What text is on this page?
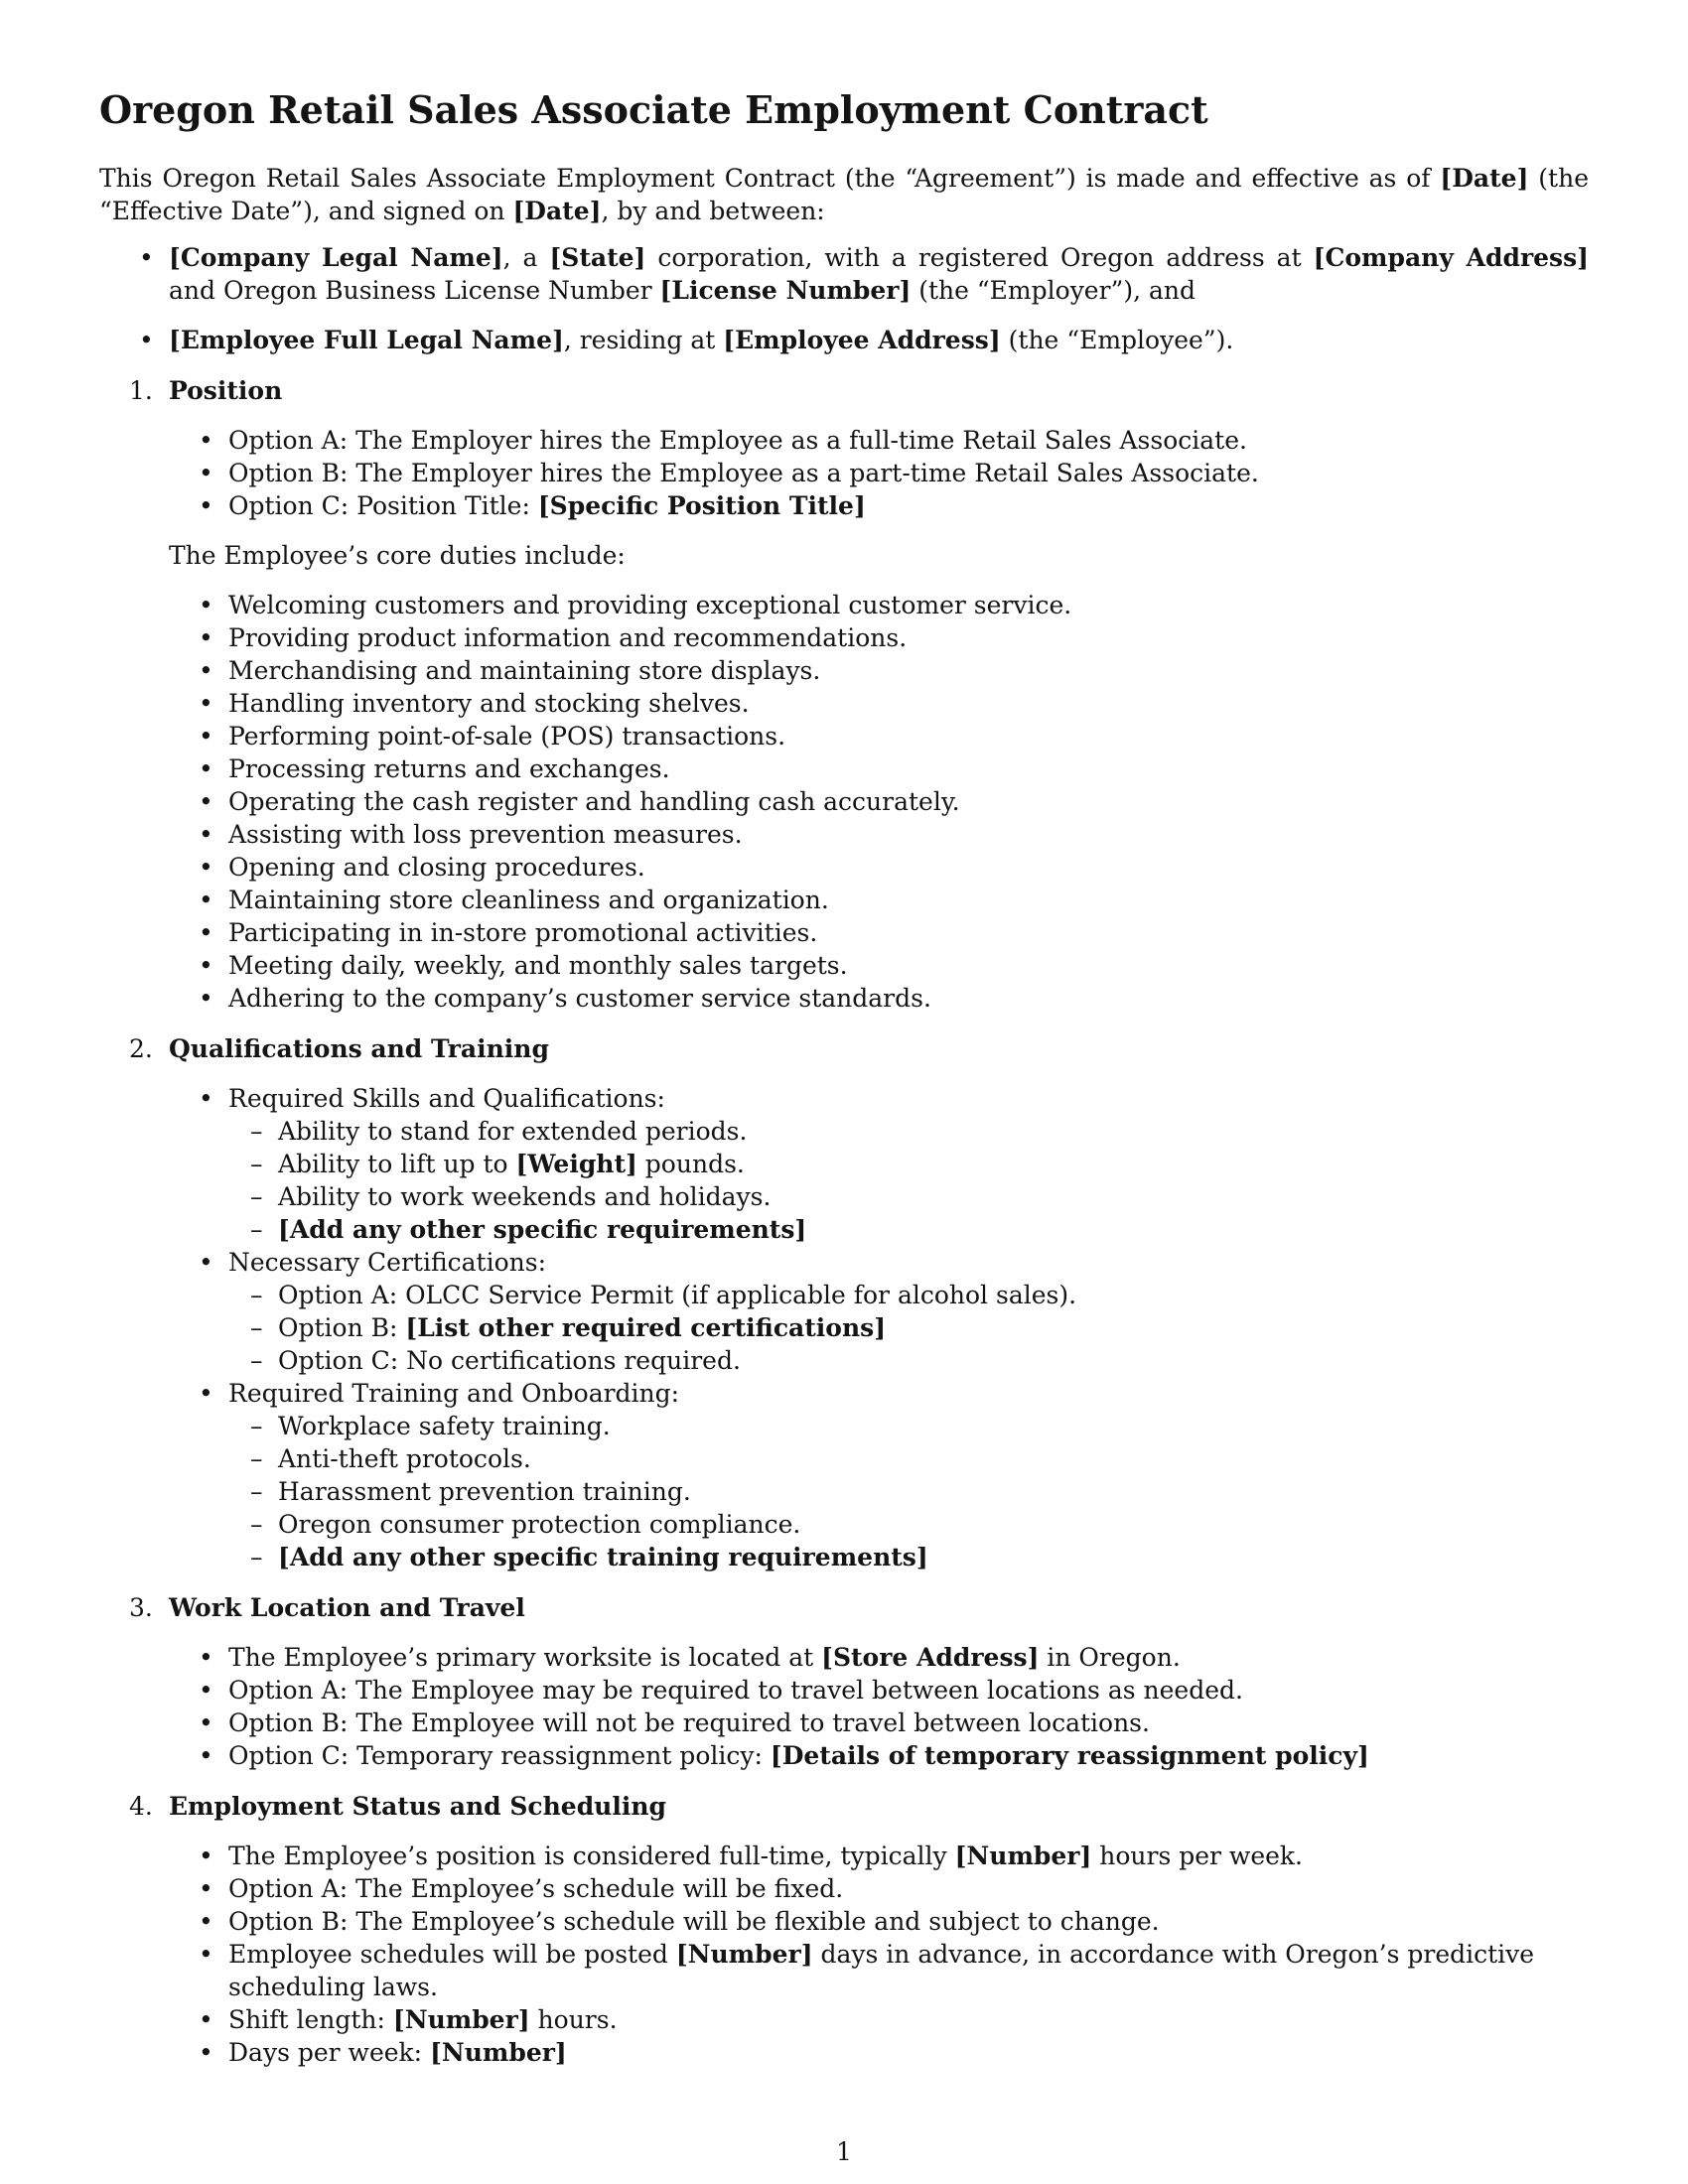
Oregon Retail Sales Associate Employment Contract

This Oregon Retail Sales Associate Employment Contract (the “Agreement”) is made and effective as of [Date] (the “Effective Date”), and signed on [Date], by and between:

• [Company Legal Name], a [State] corporation, with a registered Oregon address at [Company Address] and Oregon Business License Number [License Number] (the “Employer”), and
• [Employee Full Legal Name], residing at [Employee Address] (the “Employee”).
1. Position
• Option A: The Employer hires the Employee as a full-time Retail Sales Associate.
• Option B: The Employer hires the Employee as a part-time Retail Sales Associate.
• Option C: Position Title: [Specific Position Title]

The Employee’s core duties include:

• Welcoming customers and providing exceptional customer service.
• Providing product information and recommendations.
• Merchandising and maintaining store displays.
• Handling inventory and stocking shelves.
• Performing point-of-sale (POS) transactions.
• Processing returns and exchanges.
• Operating the cash register and handling cash accurately.
• Assisting with loss prevention measures.
• Opening and closing procedures.
• Maintaining store cleanliness and organization.
• Participating in in-store promotional activities.
• Meeting daily, weekly, and monthly sales targets.
• Adhering to the company’s customer service standards.
2. Qualifications and Training
• Required Skills and Qualifications:
– Ability to stand for extended periods.
– Ability to lift up to [Weight] pounds.
– Ability to work weekends and holidays.
– [Add any other specific requirements]
• Necessary Certifications:
– Option A: OLCC Service Permit (if applicable for alcohol sales).
– Option B: [List other required certifications]
– Option C: No certifications required.
• Required Training and Onboarding:
– Workplace safety training.
– Anti-theft protocols.
– Harassment prevention training.
– Oregon consumer protection compliance.
– [Add any other specific training requirements]
3. Work Location and Travel
• The Employee’s primary worksite is located at [Store Address] in Oregon.
• Option A: The Employee may be required to travel between locations as needed.
• Option B: The Employee will not be required to travel between locations.
• Option C: Temporary reassignment policy: [Details of temporary reassignment policy]
4. Employment Status and Scheduling
• The Employee’s position is considered full-time, typically [Number] hours per week.
• Option A: The Employee’s schedule will be fixed.
• Option B: The Employee’s schedule will be flexible and subject to change.
• Employee schedules will be posted [Number] days in advance, in accordance with Oregon’s predictive scheduling laws.
• Shift length: [Number] hours.
• Days per week: [Number]
1
